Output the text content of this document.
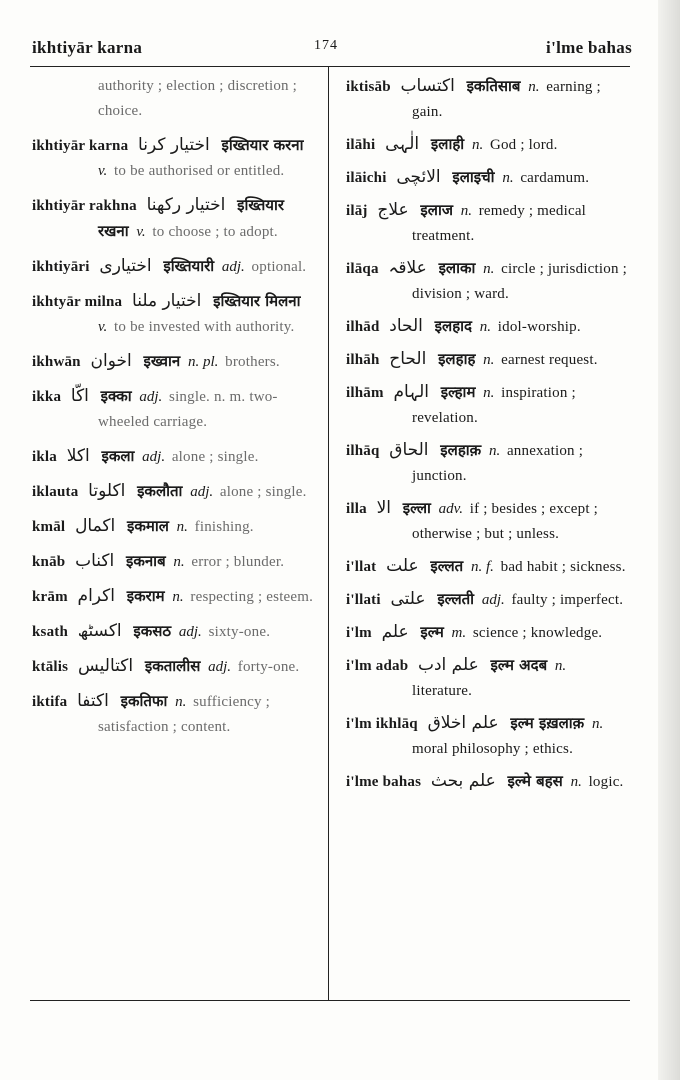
ikhtiyār karna	174	i'lme bahas
authority ; election ; discretion ; choice.
ikhtiyār karna اختیار کرنا इख्तियार करना v. to be authorised or entitled.
ikhtiyār rakhna اختیار رکھنا इख्तियार रखना v. to choose ; to adopt.
ikhtiyāri اختیاری इख्तियारी adj. optional.
ikhtyār milna اختیار ملنا इख्तियार मिलना v. to be invested with authority.
ikhwān اخوان इख्वान n. pl. brothers.
ikka اکّا इक्का adj. single. n. m. two-wheeled carriage.
ikla اکلا इकला adj. alone ; single.
iklauta اکلوتا इकलौता adj. alone ; single.
kmāl اکمال इकमाल n. finishing.
knāb اکناب इकनाब n. error ; blunder.
krām اکرام इकराम n. respecting ; esteem.
ksath اکسٹھ इकसठ adj. sixty-one.
ktālis اکتالیس इकतालीस adj. forty-one.
iktifa اکتفا इकतिफा n. sufficiency ; satisfaction ; content.
iktisāb اکتساب इकतिसाब n. earning ; gain.
ilāhi الٰہی इलाही n. God ; lord.
ilāichi الائچی इलाइची n. cardamum.
ilāj علاج इलाज n. remedy ; medical treatment.
ilāqa علاقہ इलाका n. circle ; jurisdiction ; division ; ward.
ilhād الحاد इलहाद n. idol-worship.
ilhāh الحاح इलहाह n. earnest request.
ilhām الہام इल्हाम n. inspiration ; revelation.
ilhāq الحاق इलहाक़ n. annexation ; junction.
illa الا इल्ला adv. if ; besides ; except ; otherwise ; but ; unless.
i'llat علت इल्लत n. f. bad habit ; sickness.
i'llati علتی इल्लती adj. faulty ; imperfect.
i'lm علم इल्म m. science ; knowledge.
i'lm adab علم ادب इल्म अदब n. literature.
i'lm ikhlāq علم اخلاق इल्म इख़लाक़ n. moral philosophy ; ethics.
i'lme bahas علم بحث इल्मे बहस n. logic.
